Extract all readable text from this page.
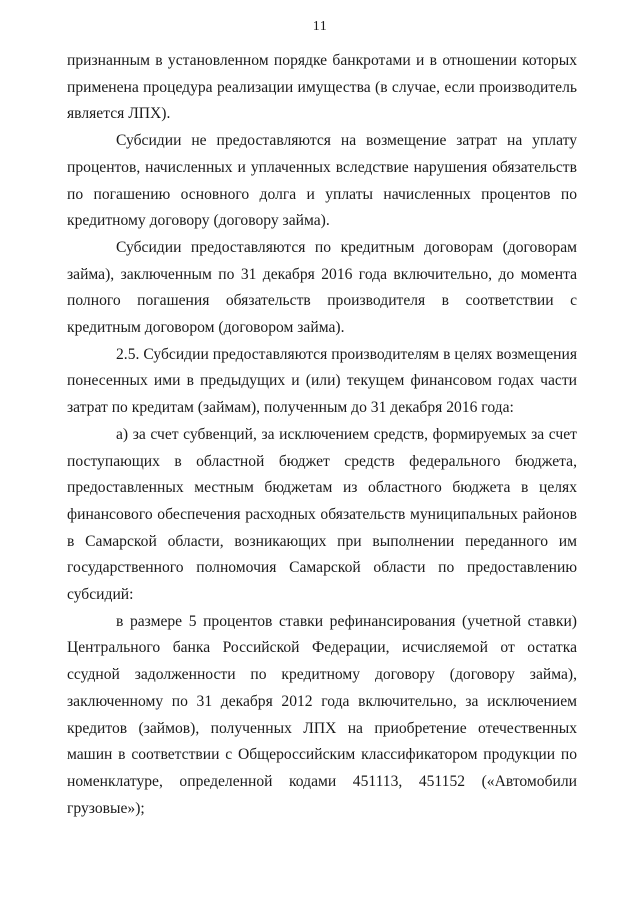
11

признанным в установленном порядке банкротами и в отношении которых применена процедура реализации имущества (в случае, если производитель является ЛПХ).

Субсидии не предоставляются на возмещение затрат на уплату процентов, начисленных и уплаченных вследствие нарушения обязательств по погашению основного долга и уплаты начисленных процентов по кредитному договору (договору займа).

Субсидии предоставляются по кредитным договорам (договорам займа), заключенным по 31 декабря 2016 года включительно, до момента полного погашения обязательств производителя в соответствии с кредитным договором (договором займа).

2.5. Субсидии предоставляются производителям в целях возмещения понесенных ими в предыдущих и (или) текущем финансовом годах части затрат по кредитам (займам), полученным до 31 декабря 2016 года:

а) за счет субвенций, за исключением средств, формируемых за счет поступающих в областной бюджет средств федерального бюджета, предоставленных местным бюджетам из областного бюджета в целях финансового обеспечения расходных обязательств муниципальных районов в Самарской области, возникающих при выполнении переданного им государственного полномочия Самарской области по предоставлению субсидий:

в размере 5 процентов ставки рефинансирования (учетной ставки) Центрального банка Российской Федерации, исчисляемой от остатка ссудной задолженности по кредитному договору (договору займа), заключенному по 31 декабря 2012 года включительно, за исключением кредитов (займов), полученных ЛПХ на приобретение отечественных машин в соответствии с Общероссийским классификатором продукции по номенклатуре, определенной кодами 451113, 451152 («Автомобили грузовые»);
